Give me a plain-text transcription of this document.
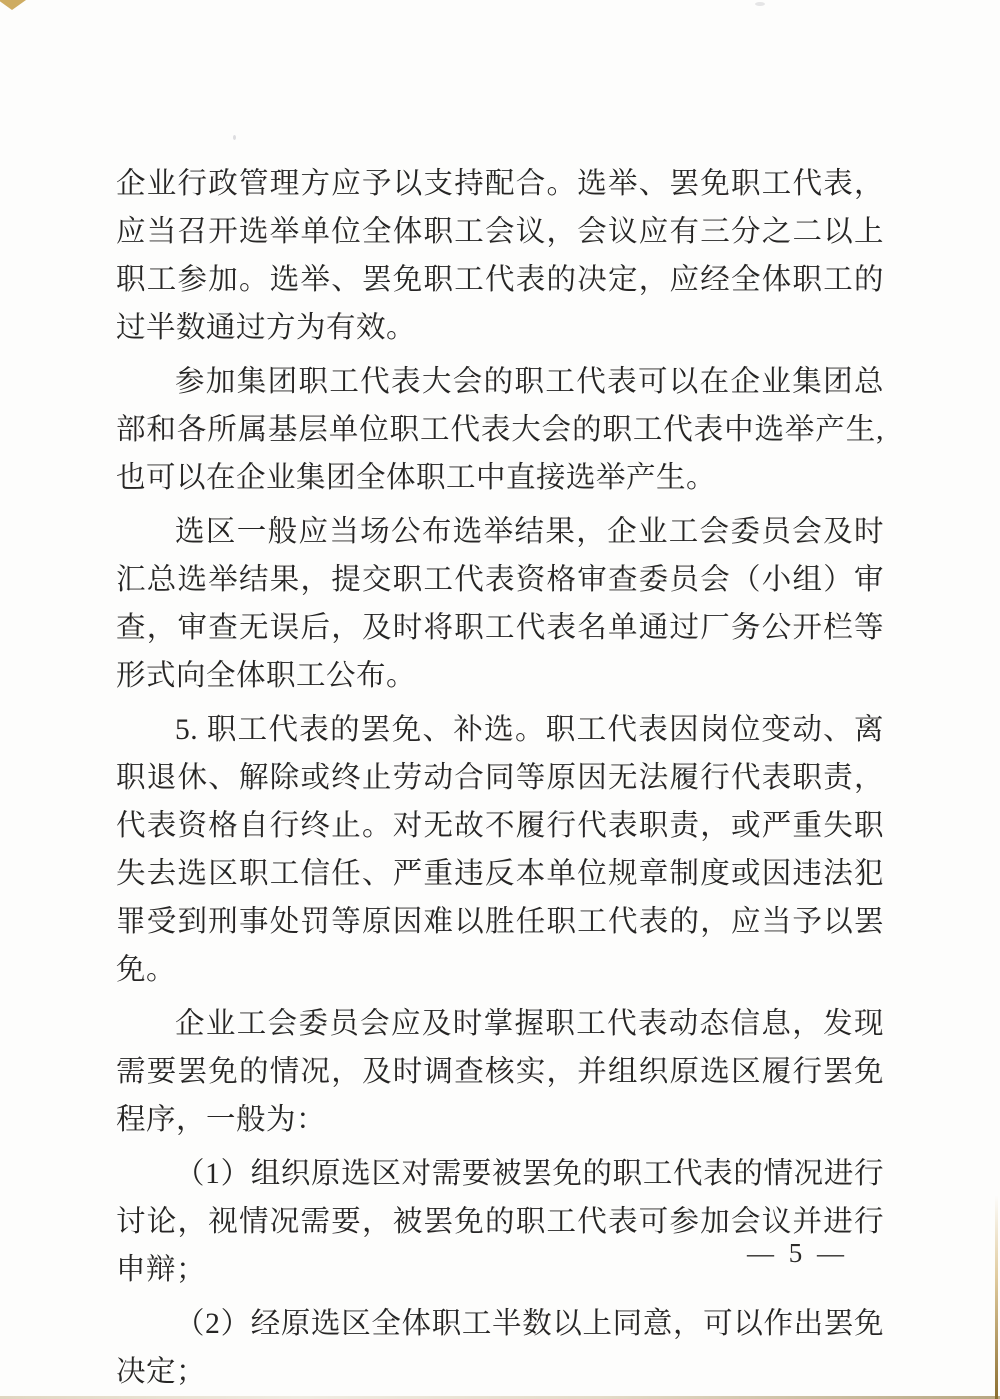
企业行政管理方应予以支持配合。选举、罢免职工代表，应当召开选举单位全体职工会议，会议应有三分之二以上职工参加。选举、罢免职工代表的决定，应经全体职工的过半数通过方为有效。

参加集团职工代表大会的职工代表可以在企业集团总部和各所属基层单位职工代表大会的职工代表中选举产生,也可以在企业集团全体职工中直接选举产生。

选区一般应当场公布选举结果，企业工会委员会及时汇总选举结果，提交职工代表资格审查委员会（小组）审查，审查无误后，及时将职工代表名单通过厂务公开栏等形式向全体职工公布。

5. 职工代表的罢免、补选。职工代表因岗位变动、离职退休、解除或终止劳动合同等原因无法履行代表职责，代表资格自行终止。对无故不履行代表职责，或严重失职失去选区职工信任、严重违反本单位规章制度或因违法犯罪受到刑事处罚等原因难以胜任职工代表的，应当予以罢免。

企业工会委员会应及时掌握职工代表动态信息，发现需要罢免的情况，及时调查核实，并组织原选区履行罢免程序，一般为：

（1）组织原选区对需要被罢免的职工代表的情况进行讨论，视情况需要，被罢免的职工代表可参加会议并进行申辩；

（2）经原选区全体职工半数以上同意，可以作出罢免决定；

— 5 —
